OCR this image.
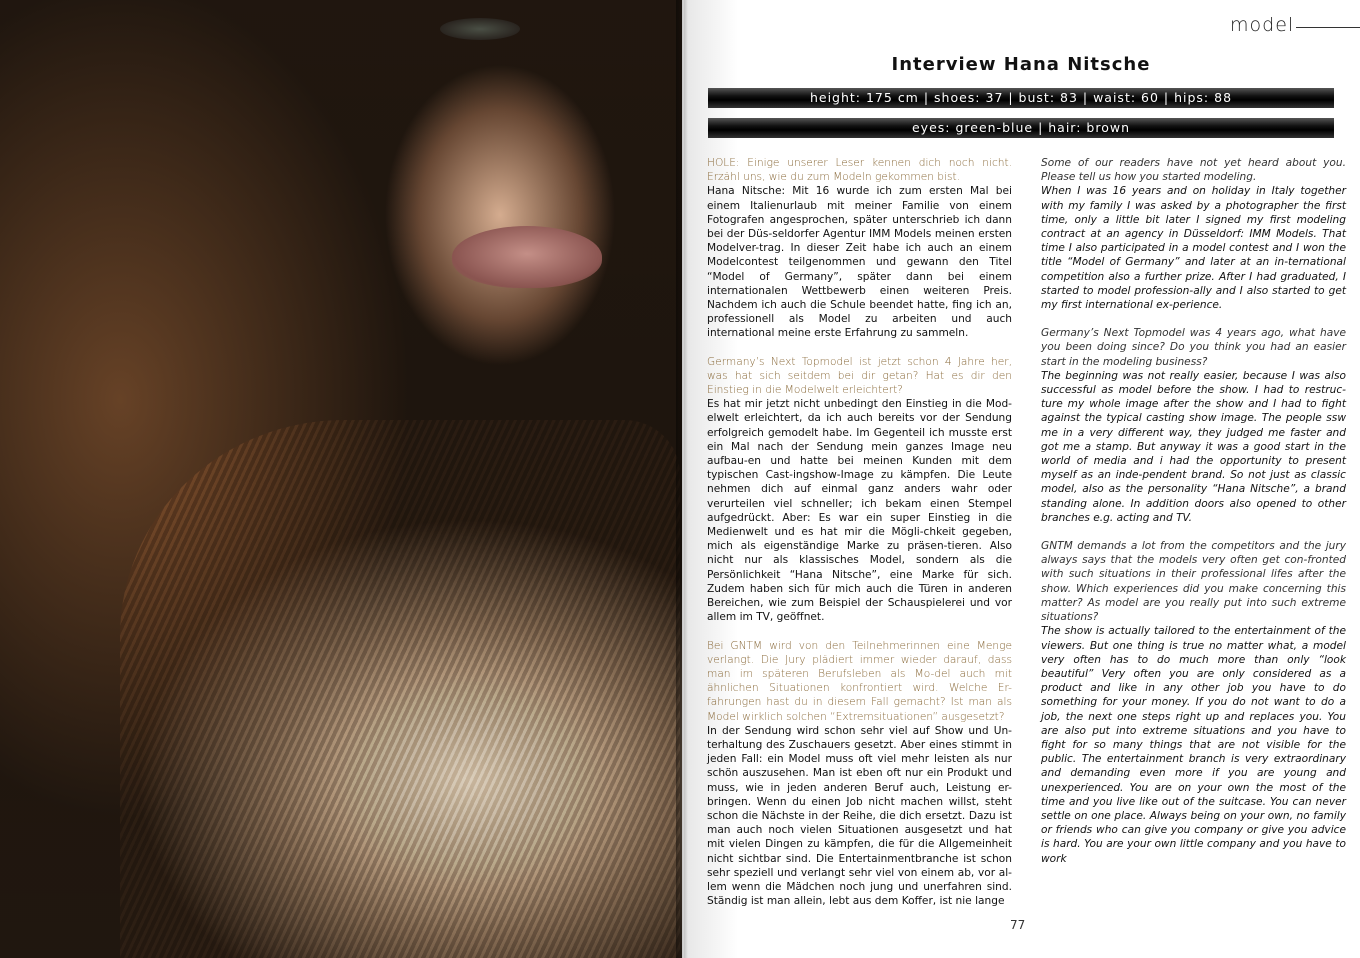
model
Interview Hana Nitsche
height: 175 cm | shoes: 37 | bust: 83 | waist: 60 | hips: 88
eyes: green-blue | hair: brown
HOLE: Einige unserer Leser kennen dich noch nicht. Erzähl uns, wie du zum Modeln gekommen bist.

Hana Nitsche: Mit 16 wurde ich zum ersten Mal bei einem Italienurlaub mit meiner Familie von einem Fotografen angesprochen, später unterschrieb ich dann bei der Düs-seldorfer Agentur IMM Models meinen ersten Modelver-trag. In dieser Zeit habe ich auch an einem Modelcontest teilgenommen und gewann den Titel “Model of Germany”, später dann bei einem internationalen Wettbewerb einen weiteren Preis. Nachdem ich auch die Schule beendet hatte, fing ich an, professionell als Model zu arbeiten und auch international meine erste Erfahrung zu sammeln.

Germany’s Next Topmodel ist jetzt schon 4 Jahre her, was hat sich seitdem bei dir getan? Hat es dir den Einstieg in die Modelwelt erleichtert?

Es hat mir jetzt nicht unbedingt den Einstieg in die Mod-elwelt erleichtert, da ich auch bereits vor der Sendung erfolgreich gemodelt habe. Im Gegenteil ich musste erst ein Mal nach der Sendung mein ganzes Image neu aufbau-en und hatte bei meinen Kunden mit dem typischen Cast-ingshow-Image zu kämpfen. Die Leute nehmen dich auf einmal ganz anders wahr oder verurteilen viel schneller; ich bekam einen Stempel aufgedrückt. Aber: Es war ein super Einstieg in die Medienwelt und es hat mir die Mögli-chkeit gegeben, mich als eigenständige Marke zu präsen-tieren. Also nicht nur als klassisches Model, sondern als die Persönlichkeit “Hana Nitsche”, eine Marke für sich. Zudem haben sich für mich auch die Türen in anderen Bereichen, wie zum Beispiel der Schauspielerei und vor allem im TV, geöffnet.

Bei GNTM wird von den Teilnehmerinnen eine Menge verlangt. Die Jury plädiert immer wieder darauf, dass man im späteren Berufsleben als Mo-del auch mit ähnlichen Situationen konfrontiert wird. Welche Er-fahrungen hast du in diesem Fall gemacht? Ist man als Model wirklich solchen “Extremsituationen” ausgesetzt?

In der Sendung wird schon sehr viel auf Show und Un-terhaltung des Zuschauers gesetzt. Aber eines stimmt in jeden Fall: ein Model muss oft viel mehr leisten als nur schön auszusehen. Man ist eben oft nur ein Produkt und muss, wie in jeden anderen Beruf auch, Leistung er-bringen. Wenn du einen Job nicht machen willst, steht schon die Nächste in der Reihe, die dich ersetzt. Dazu ist man auch noch vielen Situationen ausgesetzt und hat mit vielen Dingen zu kämpfen, die für die Allgemeinheit nicht sichtbar sind. Die Entertainmentbranche ist schon sehr speziell und verlangt sehr viel von einem ab, vor al-lem wenn die Mädchen noch jung und unerfahren sind. Ständig ist man allein, lebt aus dem Koffer, ist nie lange

Some of our readers have not yet heard about you. Please tell us how you started modeling.

When I was 16 years and on holiday in Italy together with my family I was asked by a photographer the first time, only a little bit later I signed my first modeling contract at an agency in Düsseldorf: IMM Models. That time I also participated in a model contest and I won the title “Model of Germany” and later at an in-ternational competition also a further prize. After I had graduated, I started to model profession-ally and I also started to get my first international ex-perience.

Germany’s Next Topmodel was 4 years ago, what have you been doing since? Do you think you had an easier start in the modeling business?

The beginning was not really easier, because I was also successful as model before the show. I had to restruc-ture my whole image after the show and I had to fight against the typical casting show image. The people ssw me in a very different way, they judged me faster and got me a stamp. But anyway it was a good start in the world of media and i had the opportunity to present myself as an inde-pendent brand. So not just as classic model, also as the personality “Hana Nitsche”, a brand standing alone. In addition doors also opened to other branches e.g. acting and TV.

GNTM demands a lot from the competitors and the jury always says that the models very often get con-fronted with such situations in their professional lifes after the show. Which experiences did you make concerning this matter? As model are you really put into such extreme situations?

The show is actually tailored to the entertainment of the viewers. But one thing is true no matter what, a model very often has to do much more than only “look beautiful” Very often you are only considered as a product and like in any other job you have to do something for your money. If you do not want to do a job, the next one steps right up and replaces you. You are also put into extreme situations and you have to fight for so many things that are not visible for the public. The entertainment branch is very extraordinary and demanding even more if you are young and unexperienced. You are on your own the most of the time and you live like out of the suitcase. You can never settle on one place. Always being on your own, no family or friends who can give you company or give you advice is hard. You are your own little company and you have to work

77
